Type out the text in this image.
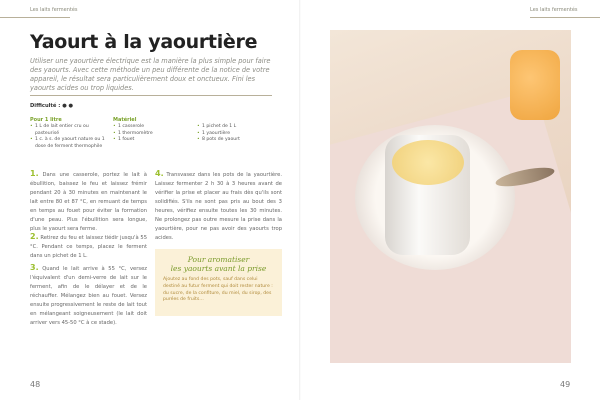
Les laits fermentés
Yaourt à la yaourtière
Utiliser une yaourtière électrique est la manière la plus simple pour faire des yaourts. Avec cette méthode un peu différente de la notice de votre appareil, le résultat sera particulièrement doux et onctueux. Fini les yaourts acides ou trop liquides.
Difficulté : ● ●
Pour 1 litre
• 1 L de lait entier cru ou pasteurisé
• 1 c. à s. de yaourt nature ou 1 dose de ferment thermophile
Matériel
• 1 casserole
• 1 thermomètre
• 1 fouet
• 1 pichet de 1 L
• 1 yaourtière
• 8 pots de yaourt
1. Dans une casserole, portez le lait à ébullition, baissez le feu et laissez frémir pendant 20 à 30 minutes en maintenant le lait entre 80 et 87 °C, en remuant de temps en temps au fouet pour éviter la formation d'une peau. Plus l'ébullition sera longue, plus le yaourt sera ferme.
2. Retirez du feu et laissez tiédir jusqu'à 55 °C. Pendant ce temps, placez le ferment dans un pichet de 1 L.
3. Quand le lait arrive à 55 °C, versez l'équivalent d'un demi-verre de lait sur le ferment, afin de le délayer et de le réchauffer. Mélangez bien au fouet. Versez ensuite progressivement le reste de lait tout en mélangeant soigneusement (le lait doit arriver vers 45-50 °C à ce stade).
4. Transvasez dans les pots de la yaourtière. Laissez fermenter 2 h 30 à 3 heures avant de vérifier la prise et placer au frais dès qu'ils sont solidifiés. S'ils ne sont pas pris au bout des 3 heures, vérifiez ensuite toutes les 30 minutes. Ne prolongez pas outre mesure la prise dans la yaourtière, pour ne pas avoir des yaourts trop acides.
Pour aromatiser
les yaourts avant la prise
Ajoutez au fond des pots, sauf dans celui destiné au futur ferment qui doit rester nature : du sucre, de la confiture, du miel, du sirop, des purées de fruits…
48
Les laits fermentés
49
